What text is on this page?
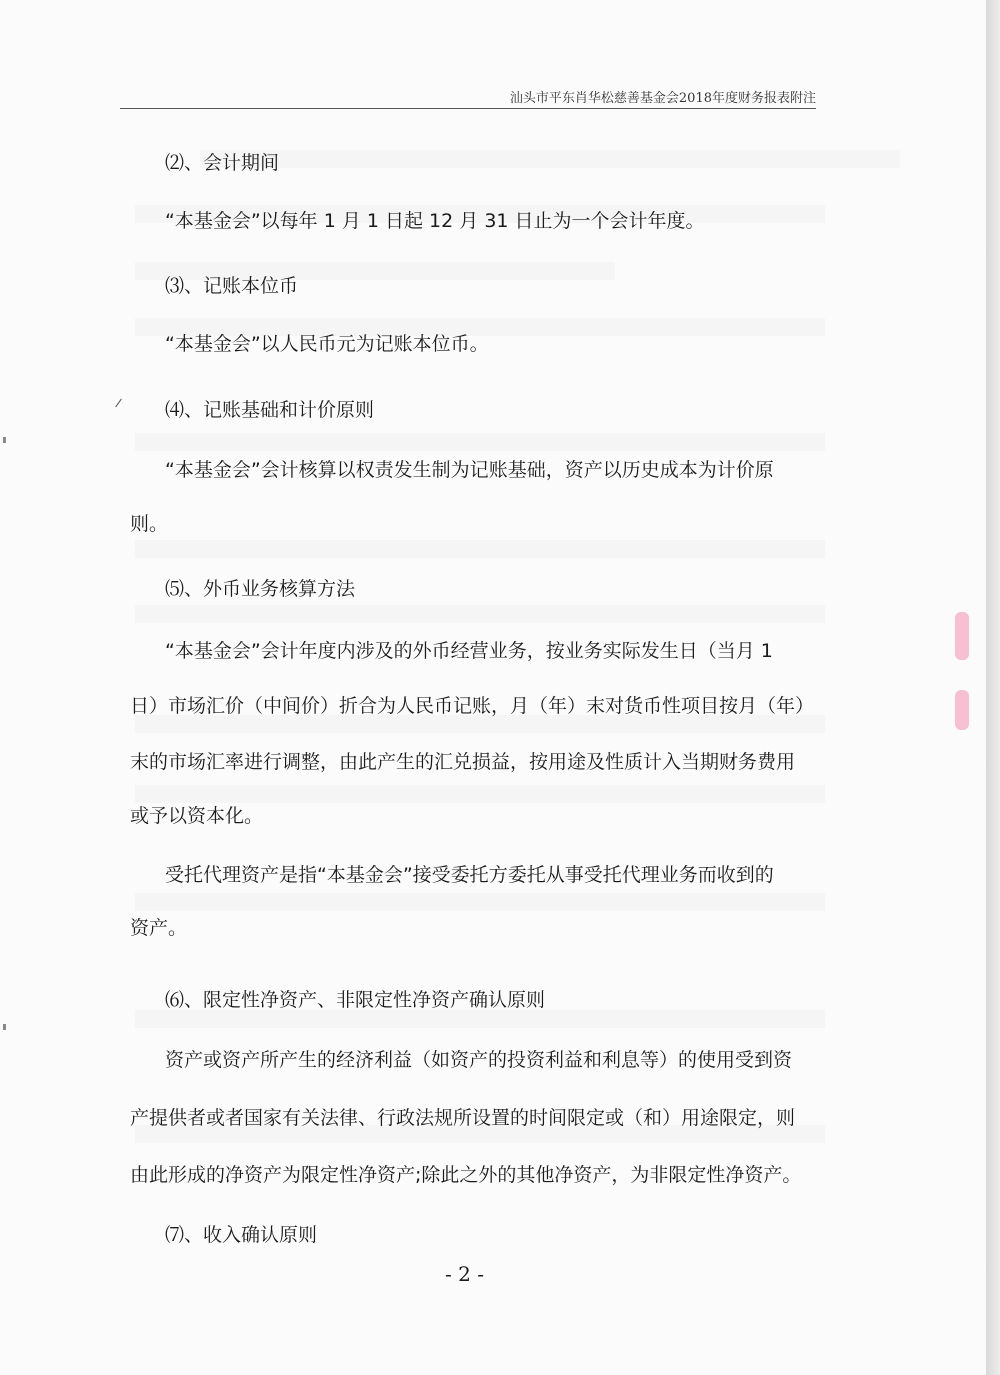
汕头市平东肖华松慈善基金会2018年度财务报表附注
⑵、会计期间
“本基金会”以每年 1 月 1 日起 12 月 31 日止为一个会计年度。
⑶、记账本位币
“本基金会”以人民币元为记账本位币。
⑷、记账基础和计价原则
“本基金会”会计核算以权责发生制为记账基础，资产以历史成本为计价原
则。
⑸、外币业务核算方法
“本基金会”会计年度内涉及的外币经营业务，按业务实际发生日（当月 1
日）市场汇价（中间价）折合为人民币记账，月（年）末对货币性项目按月（年）
末的市场汇率进行调整，由此产生的汇兑损益，按用途及性质计入当期财务费用
或予以资本化。
受托代理资产是指“本基金会”接受委托方委托从事受托代理业务而收到的
资产。
⑹、限定性净资产、非限定性净资产确认原则
资产或资产所产生的经济利益（如资产的投资利益和利息等）的使用受到资
产提供者或者国家有关法律、行政法规所设置的时间限定或（和）用途限定，则
由此形成的净资产为限定性净资产;除此之外的其他净资产，为非限定性净资产。
⑺、收入确认原则
- 2 -
